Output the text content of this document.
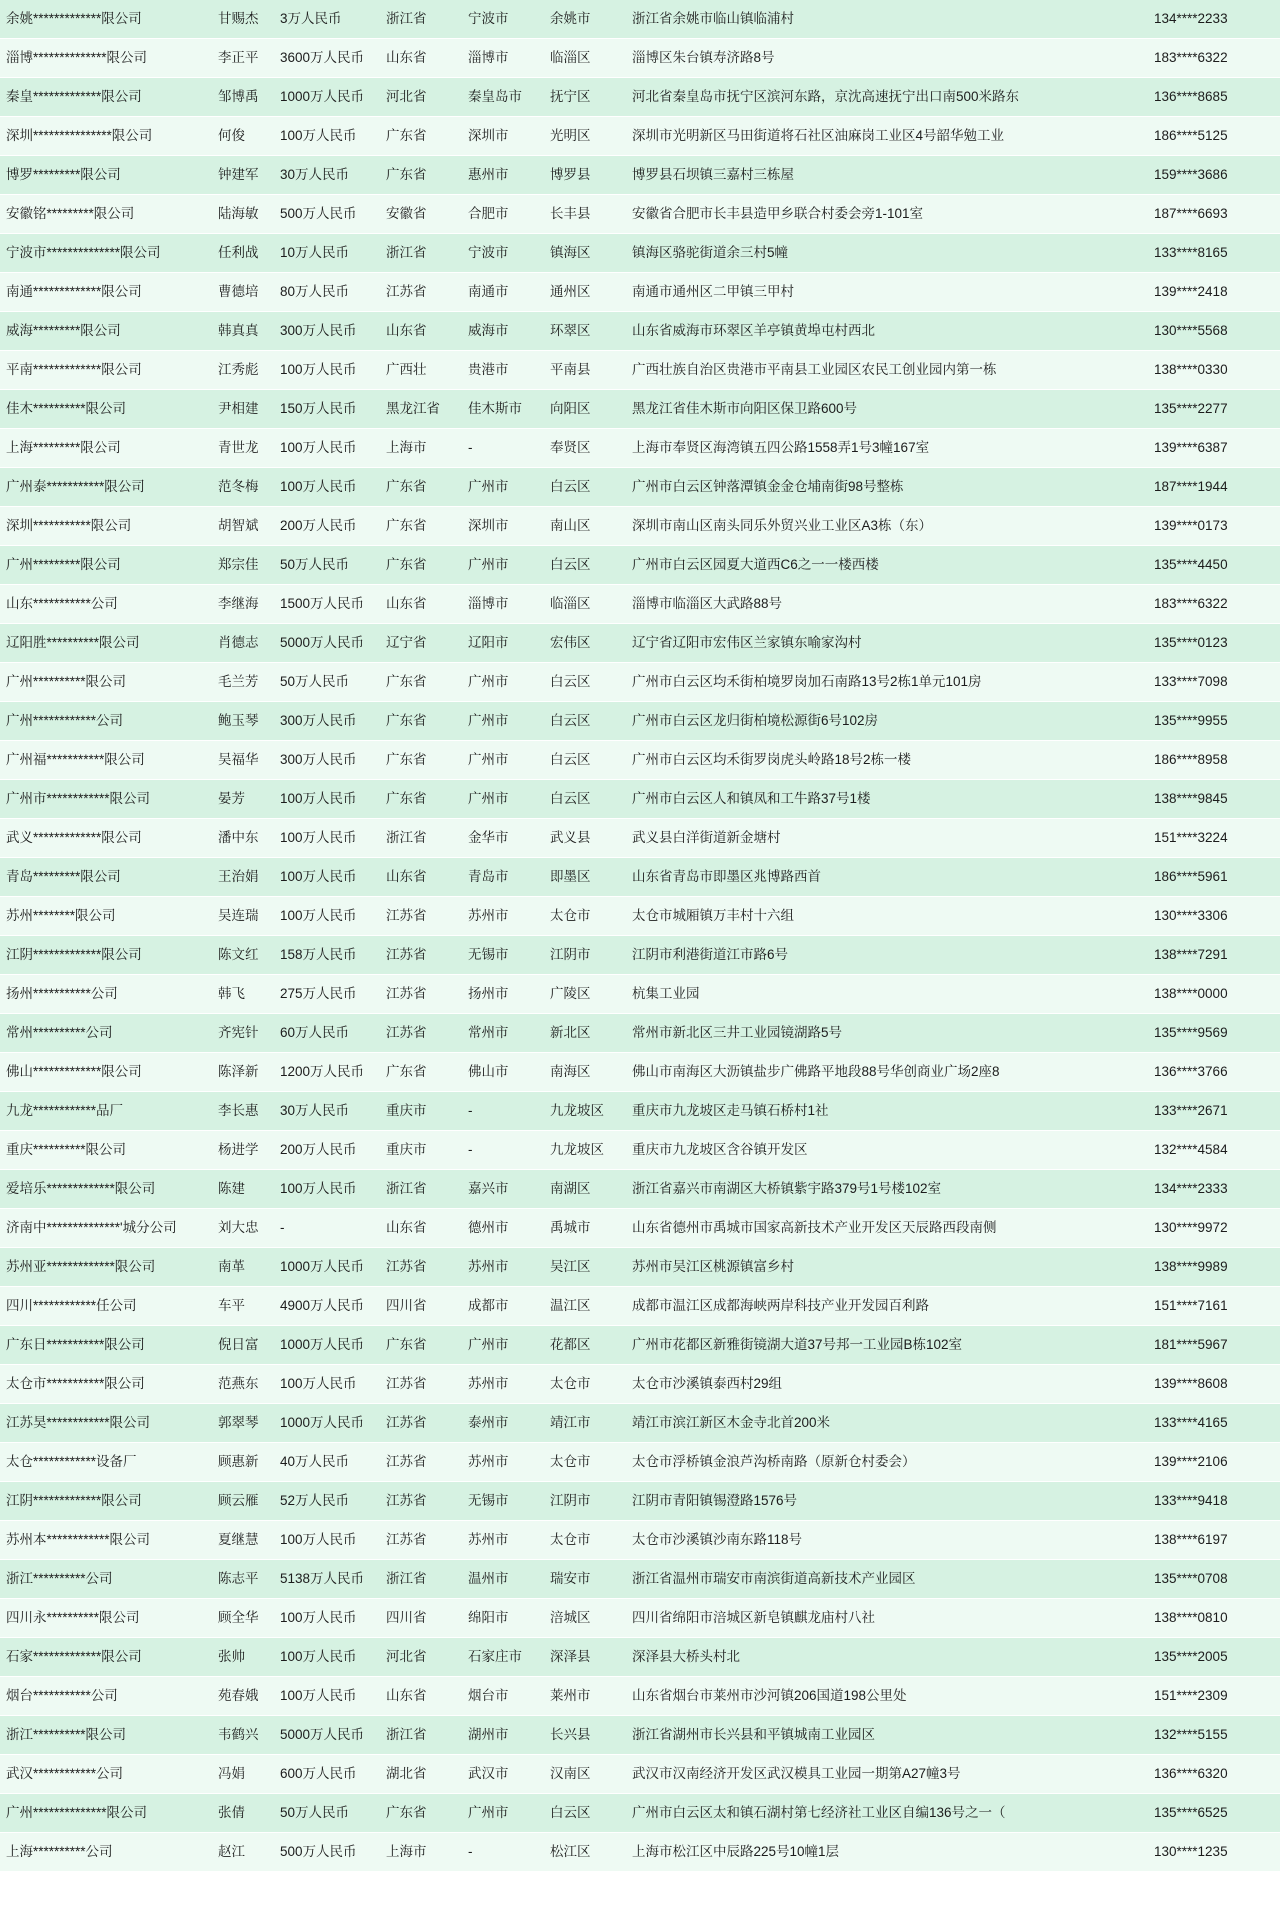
余姚*************限公司	甘赐杰	3万人民币	浙江省	宁波市	余姚市	浙江省余姚市临山镇临浦村	134****2233
淄博**************限公司	李正平	3600万人民币	山东省	淄博市	临淄区	淄博区朱台镇寿济路8号	183****6322
秦皇*************限公司	邹博禹	1000万人民币	河北省	秦皇岛市	抚宁区	河北省秦皇岛市抚宁区滨河东路，京沈高速抚宁出口南500米路东	136****8685
深圳***************限公司	何俊	100万人民币	广东省	深圳市	光明区	深圳市光明新区马田街道将石社区油麻岗工业区4号韶华勉工业	186****5125
博罗*********限公司	钟建军	30万人民币	广东省	惠州市	博罗县	博罗县石坝镇三嘉村三栋屋	159****3686
安徽铭*********限公司	陆海敏	500万人民币	安徽省	合肥市	长丰县	安徽省合肥市长丰县造甲乡联合村委会旁1-101室	187****6693
宁波市**************限公司	任利战	10万人民币	浙江省	宁波市	镇海区	镇海区骆驼街道余三村5幢	133****8165
南通*************限公司	曹德培	80万人民币	江苏省	南通市	通州区	南通市通州区二甲镇三甲村	139****2418
威海*********限公司	韩真真	300万人民币	山东省	威海市	环翠区	山东省威海市环翠区羊亭镇黄埠屯村西北	130****5568
平南*************限公司	江秀彪	100万人民币	广西壮	贵港市	平南县	广西壮族自治区贵港市平南县工业园区农民工创业园内第一栋	138****0330
佳木**********限公司	尹相建	150万人民币	黑龙江省	佳木斯市	向阳区	黑龙江省佳木斯市向阳区保卫路600号	135****2277
上海*********限公司	青世龙	100万人民币	上海市	-	奉贤区	上海市奉贤区海湾镇五四公路1558弄1号3幢167室	139****6387
广州泰***********限公司	范冬梅	100万人民币	广东省	广州市	白云区	广州市白云区钟落潭镇金金仓埔南街98号整栋	187****1944
深圳***********限公司	胡智斌	200万人民币	广东省	深圳市	南山区	深圳市南山区南头同乐外贸兴业工业区A3栋（东）	139****0173
广州*********限公司	郑宗佳	50万人民币	广东省	广州市	白云区	广州市白云区园夏大道西C6之一一楼西楼	135****4450
山东***********公司	李继海	1500万人民币	山东省	淄博市	临淄区	淄博市临淄区大武路88号	183****6322
辽阳胜**********限公司	肖德志	5000万人民币	辽宁省	辽阳市	宏伟区	辽宁省辽阳市宏伟区兰家镇东喻家沟村	135****0123
广州**********限公司	毛兰芳	50万人民币	广东省	广州市	白云区	广州市白云区均禾街柏境罗岗加石南路13号2栋1单元101房	133****7098
广州************公司	鲍玉琴	300万人民币	广东省	广州市	白云区	广州市白云区龙归街柏境松源街6号102房	135****9955
广州福***********限公司	吴福华	300万人民币	广东省	广州市	白云区	广州市白云区均禾街罗岗虎头岭路18号2栋一楼	186****8958
广州市************限公司	晏芳	100万人民币	广东省	广州市	白云区	广州市白云区人和镇凤和工牛路37号1楼	138****9845
武义*************限公司	潘中东	100万人民币	浙江省	金华市	武义县	武义县白洋街道新金塘村	151****3224
青岛*********限公司	王治娟	100万人民币	山东省	青岛市	即墨区	山东省青岛市即墨区兆博路西首	186****5961
苏州********限公司	吴连瑞	100万人民币	江苏省	苏州市	太仓市	太仓市城厢镇万丰村十六组	130****3306
江阴*************限公司	陈文红	158万人民币	江苏省	无锡市	江阴市	江阴市利港街道江市路6号	138****7291
扬州***********公司	韩飞	275万人民币	江苏省	扬州市	广陵区	杭集工业园	138****0000
常州**********公司	齐宪针	60万人民币	江苏省	常州市	新北区	常州市新北区三井工业园镜湖路5号	135****9569
佛山*************限公司	陈泽新	1200万人民币	广东省	佛山市	南海区	佛山市南海区大沥镇盐步广佛路平地段88号华创商业广场2座8	136****3766
九龙************品厂	李长惠	30万人民币	重庆市	-	九龙坡区	重庆市九龙坡区走马镇石桥村1社	133****2671
重庆**********限公司	杨进学	200万人民币	重庆市	-	九龙坡区	重庆市九龙坡区含谷镇开发区	132****4584
爱培乐*************限公司	陈建	100万人民币	浙江省	嘉兴市	南湖区	浙江省嘉兴市南湖区大桥镇紫宇路379号1号楼102室	134****2333
济南中**************'城分公司	刘大忠	-	山东省	德州市	禹城市	山东省德州市禹城市国家高新技术产业开发区天辰路西段南侧	130****9972
苏州亚*************限公司	南革	1000万人民币	江苏省	苏州市	吴江区	苏州市吴江区桃源镇富乡村	138****9989
四川************任公司	车平	4900万人民币	四川省	成都市	温江区	成都市温江区成都海峡两岸科技产业开发园百利路	151****7161
广东日***********限公司	倪日富	1000万人民币	广东省	广州市	花都区	广州市花都区新雅街镜湖大道37号邦一工业园B栋102室	181****5967
太仓市***********限公司	范燕东	100万人民币	江苏省	苏州市	太仓市	太仓市沙溪镇泰西村29组	139****8608
江苏昊************限公司	郭翠琴	1000万人民币	江苏省	泰州市	靖江市	靖江市滨江新区木金寺北首200米	133****4165
太仓************设备厂	顾惠新	40万人民币	江苏省	苏州市	太仓市	太仓市浮桥镇金浪芦沟桥南路（原新仓村委会）	139****2106
江阴*************限公司	顾云雁	52万人民币	江苏省	无锡市	江阴市	江阴市青阳镇锡澄路1576号	133****9418
苏州本************限公司	夏继慧	100万人民币	江苏省	苏州市	太仓市	太仓市沙溪镇沙南东路118号	138****6197
浙江**********公司	陈志平	5138万人民币	浙江省	温州市	瑞安市	浙江省温州市瑞安市南滨街道高新技术产业园区	135****0708
四川永**********限公司	顾全华	100万人民币	四川省	绵阳市	涪城区	四川省绵阳市涪城区新皂镇麒龙庙村八社	138****0810
石家*************限公司	张帅	100万人民币	河北省	石家庄市	深泽县	深泽县大桥头村北	135****2005
烟台***********公司	苑春娥	100万人民币	山东省	烟台市	莱州市	山东省烟台市莱州市沙河镇206国道198公里处	151****2309
浙江**********限公司	韦鹤兴	5000万人民币	浙江省	湖州市	长兴县	浙江省湖州市长兴县和平镇城南工业园区	132****5155
武汉************公司	冯娟	600万人民币	湖北省	武汉市	汉南区	武汉市汉南经济开发区武汉模具工业园一期第A27幢3号	136****6320
广州**************限公司	张倩	50万人民币	广东省	广州市	白云区	广州市白云区太和镇石湖村第七经济社工业区自编136号之一（	135****6525
上海**********公司	赵江	500万人民币	上海市	-	松江区	上海市松江区中辰路225号10幢1层	130****1235
